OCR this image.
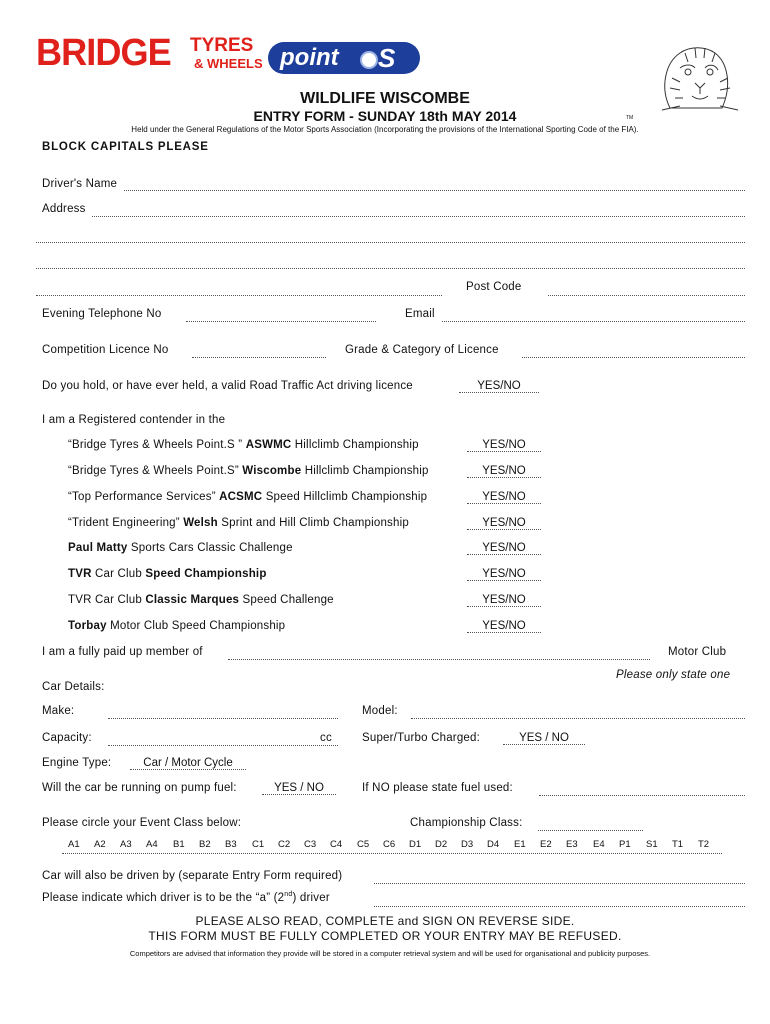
BRIDGE TYRES
& WHEELS point S
TM
WILDLIFE WISCOMBE
ENTRY FORM - SUNDAY 18th MAY 2014
Held under the General Regulations of the Motor Sports Association (Incorporating the provisions of the International Sporting Code of the FIA).
BLOCK CAPITALS PLEASE
Driver's Name
Address
Post Code
Evening Telephone No	Email
Competition Licence No	Grade & Category of Licence
Do you hold, or have ever held, a valid Road Traffic Act driving licence	YES/NO
I am a Registered contender in the
“Bridge Tyres & Wheels Point.S ” ASWMC Hillclimb Championship	YES/NO
“Bridge Tyres & Wheels Point.S” Wiscombe Hillclimb Championship	YES/NO
“Top Performance Services” ACSMC Speed Hillclimb Championship	YES/NO
“Trident Engineering” Welsh Sprint and Hill Climb Championship	YES/NO
Paul Matty Sports Cars Classic Challenge	YES/NO
TVR Car Club Speed Championship	YES/NO
TVR Car Club Classic Marques Speed Challenge	YES/NO
Torbay Motor Club Speed Championship	YES/NO
I am a fully paid up member of	Motor Club
Please only state one
Car Details:
Make:	Model:
Capacity:	cc	Super/Turbo Charged:	YES / NO
Engine Type:	Car / Motor Cycle
Will the car be running on pump fuel:	YES / NO	If NO please state fuel used:
Please circle your Event Class below:	Championship Class:
A1 A2 A3 A4 B1 B2 B3 C1 C2 C3 C4 C5 C6 D1 D2 D3 D4 E1 E2 E3 E4 P1 S1 T1 T2
Car will also be driven by (separate Entry Form required)
Please indicate which driver is to be the “a” (2nd) driver
PLEASE ALSO READ, COMPLETE and SIGN ON REVERSE SIDE.
THIS FORM MUST BE FULLY COMPLETED OR YOUR ENTRY MAY BE REFUSED.
Competitors are advised that information they provide will be stored in a computer retrieval system and will be used for organisational and publicity purposes.
